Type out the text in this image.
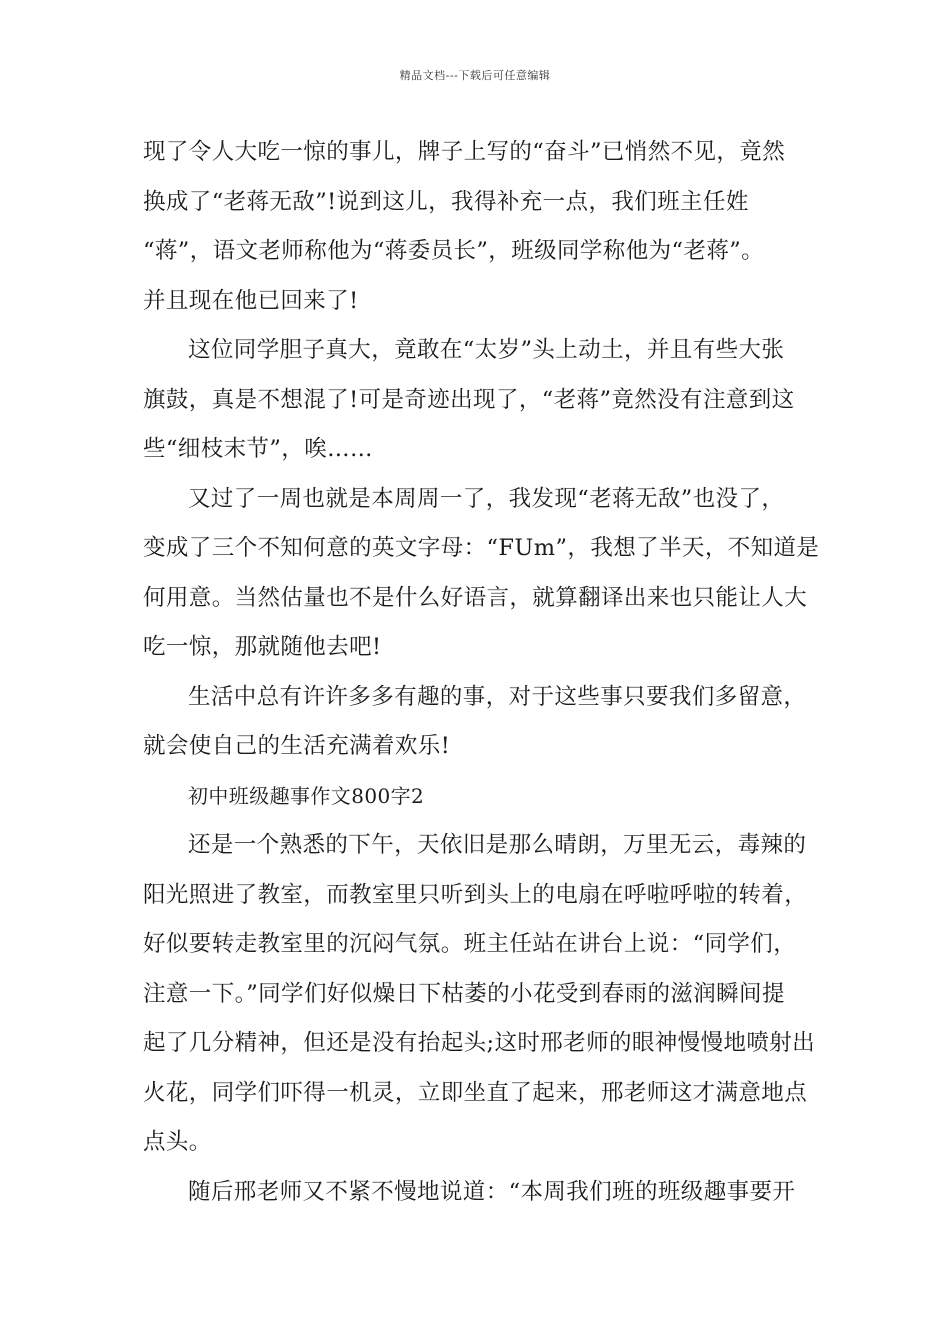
精品文档---下载后可任意编辑
现了令人大吃一惊的事儿，牌子上写的“奋斗”已悄然不见，竟然
换成了“老蒋无敌”!说到这儿，我得补充一点，我们班主任姓
“蒋”，语文老师称他为“蒋委员长”，班级同学称他为“老蒋”。
并且现在他已回来了!
这位同学胆子真大，竟敢在“太岁”头上动土，并且有些大张
旗鼓，真是不想混了!可是奇迹出现了，“老蒋”竟然没有注意到这
些“细枝末节”，唉……
又过了一周也就是本周周一了，我发现“老蒋无敌”也没了，
变成了三个不知何意的英文字母：“FUm”，我想了半天，不知道是
何用意。当然估量也不是什么好语言，就算翻译出来也只能让人大
吃一惊，那就随他去吧!
生活中总有许许多多有趣的事，对于这些事只要我们多留意，
就会使自己的生活充满着欢乐!
初中班级趣事作文800字2
还是一个熟悉的下午，天依旧是那么晴朗，万里无云，毒辣的
阳光照进了教室，而教室里只听到头上的电扇在呼啦呼啦的转着，
好似要转走教室里的沉闷气氛。班主任站在讲台上说：“同学们，
注意一下。”同学们好似燥日下枯萎的小花受到春雨的滋润瞬间提
起了几分精神，但还是没有抬起头;这时邢老师的眼神慢慢地喷射出
火花，同学们吓得一机灵，立即坐直了起来，邢老师这才满意地点
点头。
随后邢老师又不紧不慢地说道：“本周我们班的班级趣事要开
